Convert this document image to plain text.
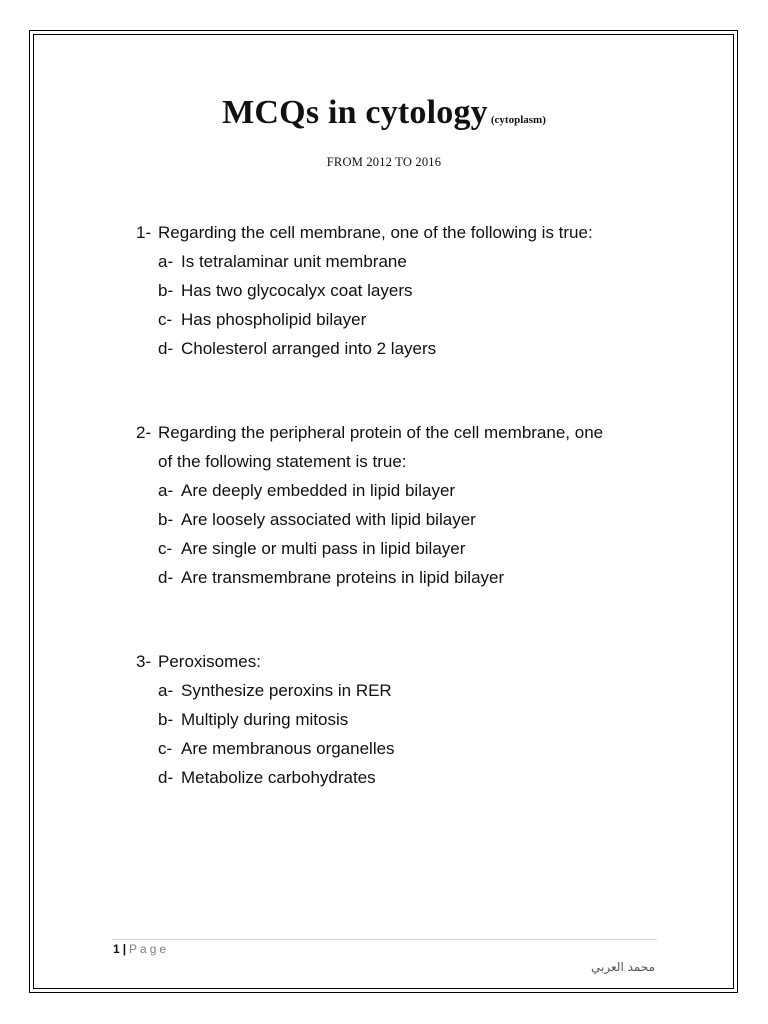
MCQs in cytology (cytoplasm)
FROM 2012 TO 2016
1- Regarding the cell membrane, one of the following is true:
a- Is tetralaminar unit membrane
b- Has two glycocalyx coat layers
c- Has phospholipid bilayer
d- Cholesterol arranged into 2 layers
2- Regarding the peripheral protein of the cell membrane, one
of the following statement is true:
a- Are deeply embedded in lipid bilayer
b- Are loosely associated with lipid bilayer
c- Are single or multi pass in lipid bilayer
d- Are transmembrane proteins in lipid bilayer
3- Peroxisomes:
a- Synthesize peroxins in RER
b- Multiply during mitosis
c- Are membranous organelles
d- Metabolize carbohydrates
1 | Page
محمد العربي
